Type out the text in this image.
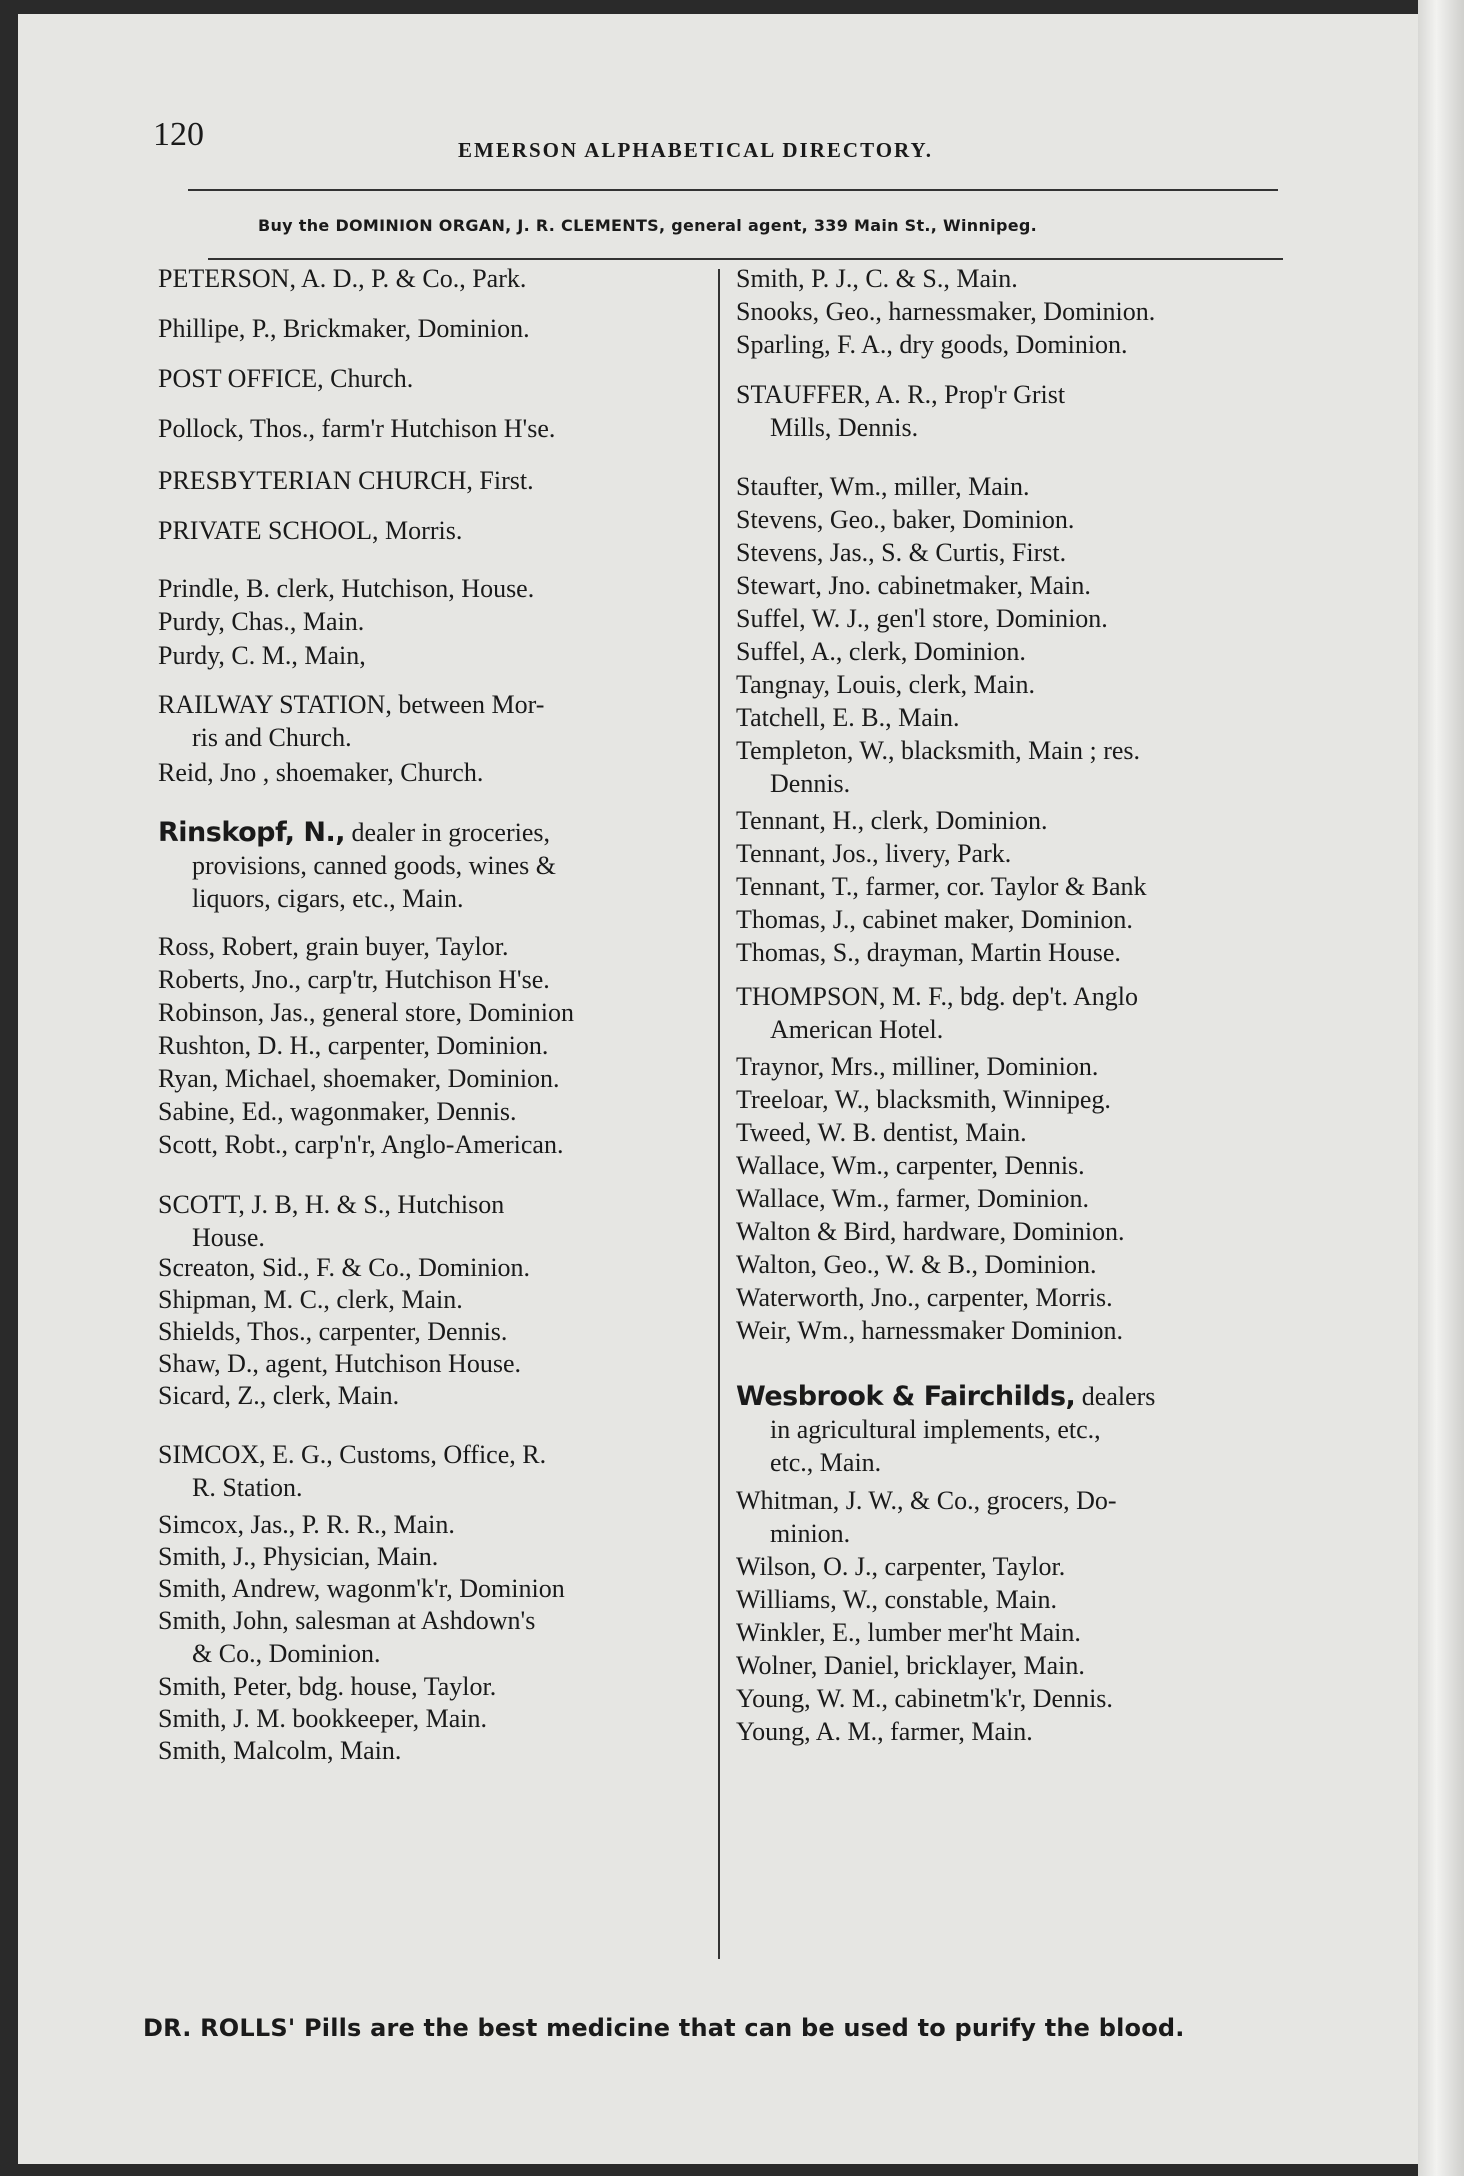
120	EMERSON ALPHABETICAL DIRECTORY.
Buy the DOMINION ORGAN, J. R. CLEMENTS, general agent, 339 Main St., Winnipeg.
PETERSON, A. D., P. & Co., Park.
Phillipe, P., Brickmaker, Dominion.
POST OFFICE, Church.
Pollock, Thos., farm'r Hutchison H'se.
PRESBYTERIAN CHURCH, First.
PRIVATE SCHOOL, Morris.
Prindle, B. clerk, Hutchison, House.
Purdy, Chas., Main.
Purdy, C. M., Main,
RAILWAY STATION, between Mor-
ris and Church.
Reid, Jno , shoemaker, Church.
Rinskopf, N., dealer in groceries,
provisions, canned goods, wines &
liquors, cigars, etc., Main.
Ross, Robert, grain buyer, Taylor.
Roberts, Jno., carp'tr, Hutchison H'se.
Robinson, Jas., general store, Dominion
Rushton, D. H., carpenter, Dominion.
Ryan, Michael, shoemaker, Dominion.
Sabine, Ed., wagonmaker, Dennis.
Scott, Robt., carp'n'r, Anglo-American.
SCOTT, J. B, H. & S., Hutchison
House.
Screaton, Sid., F. & Co., Dominion.
Shipman, M. C., clerk, Main.
Shields, Thos., carpenter, Dennis.
Shaw, D., agent, Hutchison House.
Sicard, Z., clerk, Main.
SIMCOX, E. G., Customs, Office, R.
R. Station.
Simcox, Jas., P. R. R., Main.
Smith, J., Physician, Main.
Smith, Andrew, wagonm'k'r, Dominion
Smith, John, salesman at Ashdown's
& Co., Dominion.
Smith, Peter, bdg. house, Taylor.
Smith, J. M. bookkeeper, Main.
Smith, Malcolm, Main.
Smith, P. J., C. & S., Main.
Snooks, Geo., harnessmaker, Dominion.
Sparling, F. A., dry goods, Dominion.
STAUFFER, A. R., Prop'r Grist
Mills, Dennis.
Staufter, Wm., miller, Main.
Stevens, Geo., baker, Dominion.
Stevens, Jas., S. & Curtis, First.
Stewart, Jno. cabinetmaker, Main.
Suffel, W. J., gen'l store, Dominion.
Suffel, A., clerk, Dominion.
Tangnay, Louis, clerk, Main.
Tatchell, E. B., Main.
Templeton, W., blacksmith, Main ; res.
Dennis.
Tennant, H., clerk, Dominion.
Tennant, Jos., livery, Park.
Tennant, T., farmer, cor. Taylor & Bank
Thomas, J., cabinet maker, Dominion.
Thomas, S., drayman, Martin House.
THOMPSON, M. F., bdg. dep't. Anglo
American Hotel.
Traynor, Mrs., milliner, Dominion.
Treeloar, W., blacksmith, Winnipeg.
Tweed, W. B. dentist, Main.
Wallace, Wm., carpenter, Dennis.
Wallace, Wm., farmer, Dominion.
Walton & Bird, hardware, Dominion.
Walton, Geo., W. & B., Dominion.
Waterworth, Jno., carpenter, Morris.
Weir, Wm., harnessmaker Dominion.
Wesbrook & Fairchilds, dealers
in agricultural implements, etc.,
etc., Main.
Whitman, J. W., & Co., grocers, Do-
minion.
Wilson, O. J., carpenter, Taylor.
Williams, W., constable, Main.
Winkler, E., lumber mer'ht Main.
Wolner, Daniel, bricklayer, Main.
Young, W. M., cabinetm'k'r, Dennis.
Young, A. M., farmer, Main.
DR. ROLLS' Pills are the best medicine that can be used to purify the blood.
